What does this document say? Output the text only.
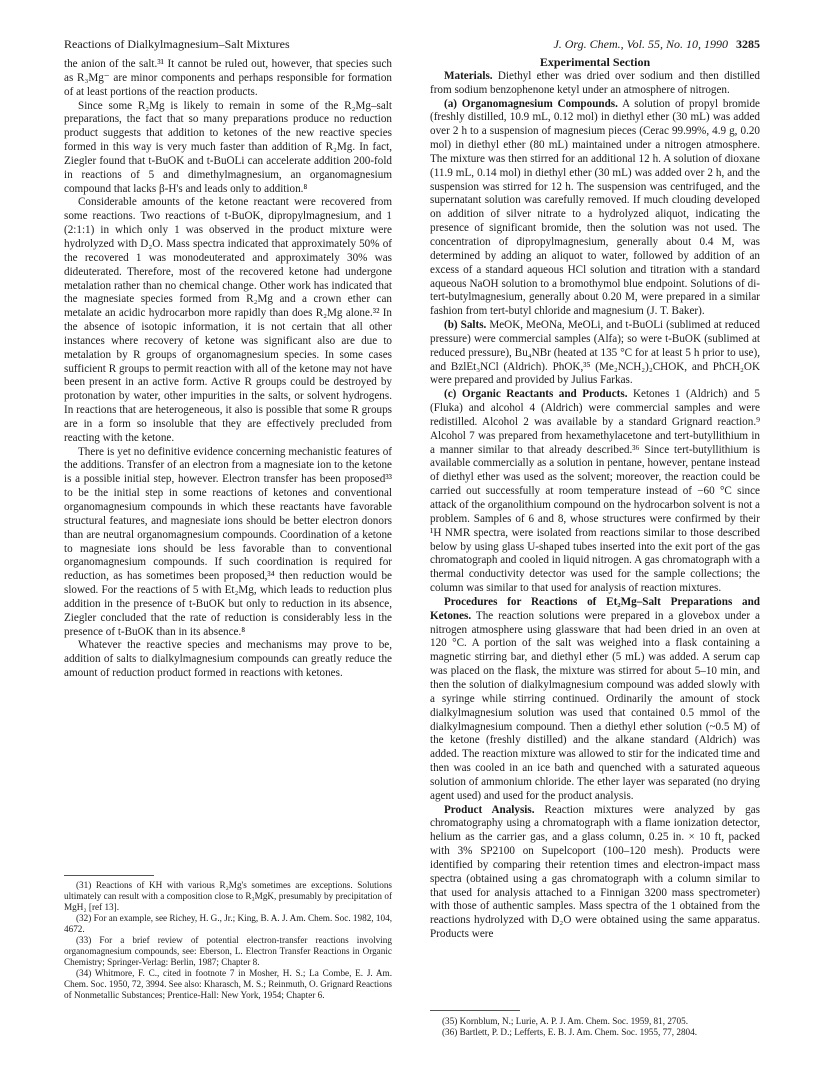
Reactions of Dialkylmagnesium–Salt Mixtures	J. Org. Chem., Vol. 55, No. 10, 1990 3285

the anion of the salt.³¹ It cannot be ruled out, however, that species such as R₃Mg⁻ are minor components and perhaps responsible for formation of at least portions of the reaction products.

Since some R₂Mg is likely to remain in some of the R₂Mg–salt preparations, the fact that so many preparations produce no reduction product suggests that addition to ketones of the new reactive species formed in this way is very much faster than addition of R₂Mg. In fact, Ziegler found that t-BuOK and t-BuOLi can accelerate addition 200-fold in reactions of 5 and dimethylmagnesium, an organomagnesium compound that lacks β-H's and leads only to addition.⁸

Considerable amounts of the ketone reactant were recovered from some reactions. Two reactions of t-BuOK, dipropylmagnesium, and 1 (2:1:1) in which only 1 was observed in the product mixture were hydrolyzed with D₂O. Mass spectra indicated that approximately 50% of the recovered 1 was monodeuterated and approximately 30% was dideuterated. Therefore, most of the recovered ketone had undergone metalation rather than no chemical change. Other work has indicated that the magnesiate species formed from R₂Mg and a crown ether can metalate an acidic hydrocarbon more rapidly than does R₂Mg alone.³² In the absence of isotopic information, it is not certain that all other instances where recovery of ketone was significant also are due to metalation by R groups of organomagnesium species. In some cases sufficient R groups to permit reaction with all of the ketone may not have been present in an active form. Active R groups could be destroyed by protonation by water, other impurities in the salts, or solvent hydrogens. In reactions that are heterogeneous, it also is possible that some R groups are in a form so insoluble that they are effectively precluded from reacting with the ketone.

There is yet no definitive evidence concerning mechanistic features of the additions. Transfer of an electron from a magnesiate ion to the ketone is a possible initial step, however. Electron transfer has been proposed³³ to be the initial step in some reactions of ketones and conventional organomagnesium compounds in which these reactants have favorable structural features, and magnesiate ions should be better electron donors than are neutral organomagnesium compounds. Coordination of a ketone to magnesiate ions should be less favorable than to conventional organomagnesium compounds. If such coordination is required for reduction, as has sometimes been proposed,³⁴ then reduction would be slowed. For the reactions of 5 with Et₂Mg, which leads to reduction plus addition in the presence of t-BuOK but only to reduction in its absence, Ziegler concluded that the rate of reduction is considerably less in the presence of t-BuOK than in its absence.⁸

Whatever the reactive species and mechanisms may prove to be, addition of salts to dialkylmagnesium compounds can greatly reduce the amount of reduction product formed in reactions with ketones.

(31) Reactions of KH with various R₂Mg's sometimes are exceptions. Solutions ultimately can result with a composition close to R₃MgK, presumably by precipitation of MgH₂ [ref 13].

(32) For an example, see Richey, H. G., Jr.; King, B. A. J. Am. Chem. Soc. 1982, 104, 4672.

(33) For a brief review of potential electron-transfer reactions involving organomagnesium compounds, see: Eberson, L. Electron Transfer Reactions in Organic Chemistry; Springer-Verlag: Berlin, 1987; Chapter 8.

(34) Whitmore, F. C., cited in footnote 7 in Mosher, H. S.; La Combe, E. J. Am. Chem. Soc. 1950, 72, 3994. See also: Kharasch, M. S.; Reinmuth, O. Grignard Reactions of Nonmetallic Substances; Prentice-Hall: New York, 1954; Chapter 6.

Experimental Section

Materials. Diethyl ether was dried over sodium and then distilled from sodium benzophenone ketyl under an atmosphere of nitrogen.

(a) Organomagnesium Compounds. A solution of propyl bromide (freshly distilled, 10.9 mL, 0.12 mol) in diethyl ether (30 mL) was added over 2 h to a suspension of magnesium pieces (Cerac 99.99%, 4.9 g, 0.20 mol) in diethyl ether (80 mL) maintained under a nitrogen atmosphere. The mixture was then stirred for an additional 12 h. A solution of dioxane (11.9 mL, 0.14 mol) in diethyl ether (30 mL) was added over 2 h, and the suspension was stirred for 12 h. The suspension was centrifuged, and the supernatant solution was carefully removed. If much clouding developed on addition of silver nitrate to a hydrolyzed aliquot, indicating the presence of significant bromide, then the solution was not used. The concentration of dipropylmagnesium, generally about 0.4 M, was determined by adding an aliquot to water, followed by addition of an excess of a standard aqueous HCl solution and titration with a standard aqueous NaOH solution to a bromothymol blue endpoint. Solutions of di-tert-butylmagnesium, generally about 0.20 M, were prepared in a similar fashion from tert-butyl chloride and magnesium (J. T. Baker).

(b) Salts. MeOK, MeONa, MeOLi, and t-BuOLi (sublimed at reduced pressure) were commercial samples (Alfa); so were t-BuOK (sublimed at reduced pressure), Bu₄NBr (heated at 135 °C for at least 5 h prior to use), and BzlEt₃NCl (Aldrich). PhOK,³⁵ (Me₂NCH₂)₂CHOK, and PhCH₂OK were prepared and provided by Julius Farkas.

(c) Organic Reactants and Products. Ketones 1 (Aldrich) and 5 (Fluka) and alcohol 4 (Aldrich) were commercial samples and were redistilled. Alcohol 2 was available by a standard Grignard reaction.⁹ Alcohol 7 was prepared from hexamethylacetone and tert-butyllithium in a manner similar to that already described.³⁶ Since tert-butyllithium is available commercially as a solution in pentane, however, pentane instead of diethyl ether was used as the solvent; moreover, the reaction could be carried out successfully at room temperature instead of −60 °C since attack of the organolithium compound on the hydrocarbon solvent is not a problem. Samples of 6 and 8, whose structures were confirmed by their ¹H NMR spectra, were isolated from reactions similar to those described below by using glass U-shaped tubes inserted into the exit port of the gas chromatograph and cooled in liquid nitrogen. A gas chromatograph with a thermal conductivity detector was used for the sample collections; the column was similar to that used for analysis of reaction mixtures.

Procedures for Reactions of Et₂Mg–Salt Preparations and Ketones. The reaction solutions were prepared in a glovebox under a nitrogen atmosphere using glassware that had been dried in an oven at 120 °C. A portion of the salt was weighed into a flask containing a magnetic stirring bar, and diethyl ether (5 mL) was added. A serum cap was placed on the flask, the mixture was stirred for about 5–10 min, and then the solution of dialkylmagnesium compound was added slowly with a syringe while stirring continued. Ordinarily the amount of stock dialkylmagnesium solution was used that contained 0.5 mmol of the dialkylmagnesium compound. Then a diethyl ether solution (~0.5 M) of the ketone (freshly distilled) and the alkane standard (Aldrich) was added. The reaction mixture was allowed to stir for the indicated time and then was cooled in an ice bath and quenched with a saturated aqueous solution of ammonium chloride. The ether layer was separated (no drying agent used) and used for the product analysis.

Product Analysis. Reaction mixtures were analyzed by gas chromatography using a chromatograph with a flame ionization detector, helium as the carrier gas, and a glass column, 0.25 in. × 10 ft, packed with 3% SP2100 on Supelcoport (100–120 mesh). Products were identified by comparing their retention times and electron-impact mass spectra (obtained using a gas chromatograph with a column similar to that used for analysis attached to a Finnigan 3200 mass spectrometer) with those of authentic samples. Mass spectra of the 1 obtained from the reactions hydrolyzed with D₂O were obtained using the same apparatus. Products were

(35) Kornblum, N.; Lurie, A. P. J. Am. Chem. Soc. 1959, 81, 2705.

(36) Bartlett, P. D.; Lefferts, E. B. J. Am. Chem. Soc. 1955, 77, 2804.
